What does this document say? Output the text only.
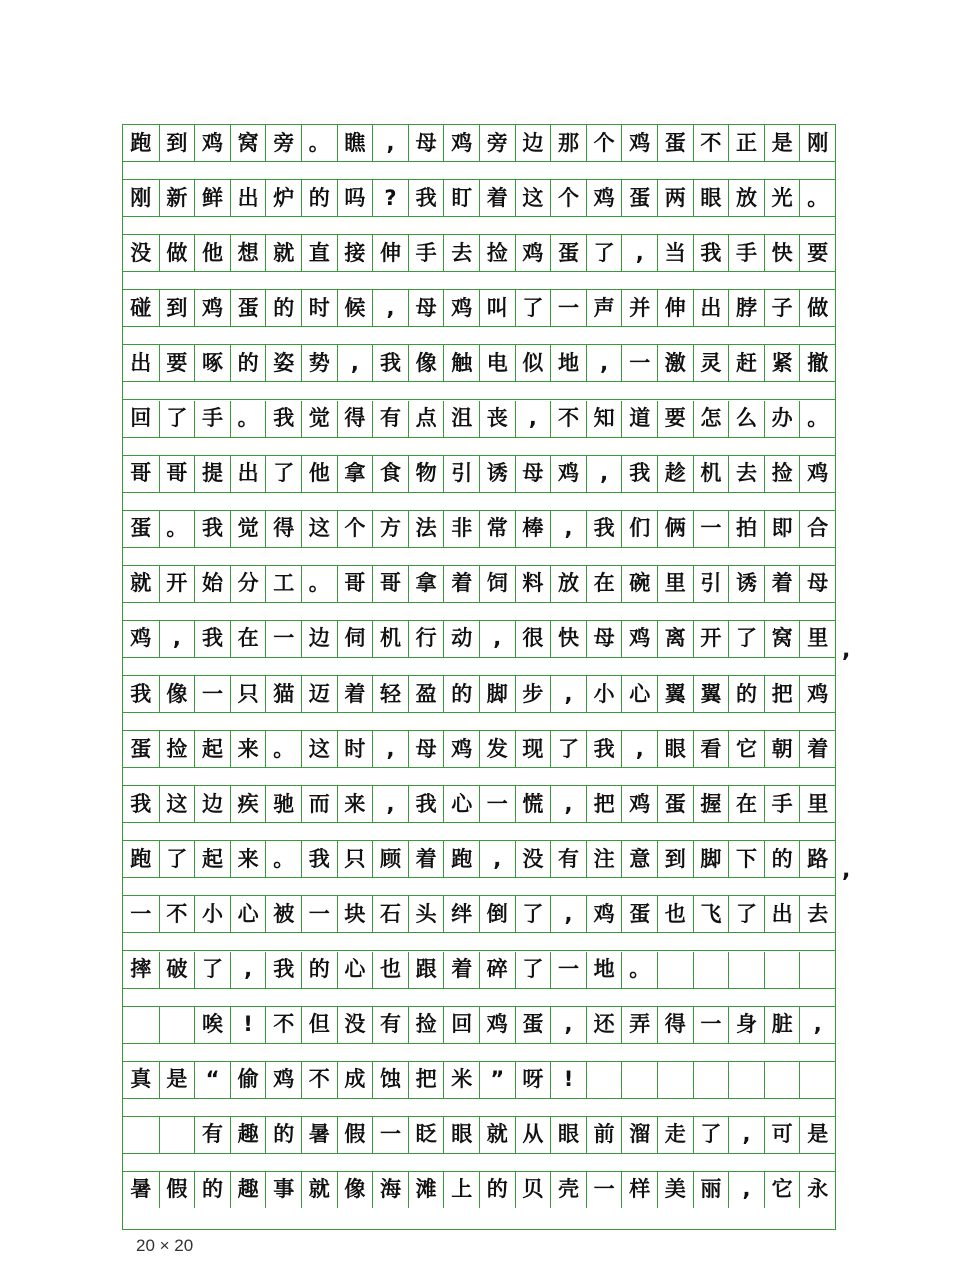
跑 到 鸡 窝 旁 。 瞧	,	母 鸡 旁 边 那 个 鸡 蛋 不 正 是 刚
刚 新 鲜 出 炉 的 吗 ? 我 盯 着 这 个 鸡 蛋 两 眼 放 光 。
没 做 他 想 就 直 接 伸 手 去 捡 鸡 蛋 了	,	当 我 手 快 要
碰 到 鸡 蛋 的 时 候	,	母 鸡 叫 了 一 声 并 伸 出 脖 子 做
出 要 啄 的 姿 势	,	我 像 触 电 似 地	,	一 激 灵 赶 紧 撤
回 了 手 。 我 觉 得 有 点 沮 丧	,	不 知 道 要 怎 么 办 。
哥 哥 提 出 了 他 拿 食 物 引 诱 母 鸡	,	我 趁 机 去 捡 鸡
蛋 。 我 觉 得 这 个 方 法 非 常 棒	,	我 们 俩 一 拍 即 合
就 开 始 分 工 。 哥 哥 拿 着 饲 料 放 在 碗 里 引 诱 着 母
鸡	,	我 在 一 边 伺 机 行 动	,	很 快 母 鸡 离 开 了 窝 里
我 像 一 只 猫 迈 着 轻 盈 的 脚 步	,	小 心 翼 翼 的 把 鸡
蛋 捡 起 来 。 这 时	,	母 鸡 发 现 了 我	,	眼 看 它 朝 着
我 这 边 疾 驰 而 来	,	我 心 一 慌	,	把 鸡 蛋 握 在 手 里
跑 了 起 来 。 我 只 顾 着 跑	,	没 有 注 意 到 脚 下 的 路
一 不 小 心 被 一 块 石 头 绊 倒 了	,	鸡 蛋 也 飞 了 出 去
摔 破 了	,	我 的 心 也 跟 着 碎 了 一 地 。
唉 ! 不 但 没 有 捡 回 鸡 蛋	,	还 弄 得 一 身 脏	,
真 是 “ 偷 鸡 不 成 蚀 把 米 ” 呀 !
有 趣 的 暑 假 一 眨 眼 就 从 眼 前 溜 走 了	,	可 是
暑 假 的 趣 事 就 像 海 滩 上 的 贝 壳 一 样 美 丽	,	它 永
,
,
20 × 20
